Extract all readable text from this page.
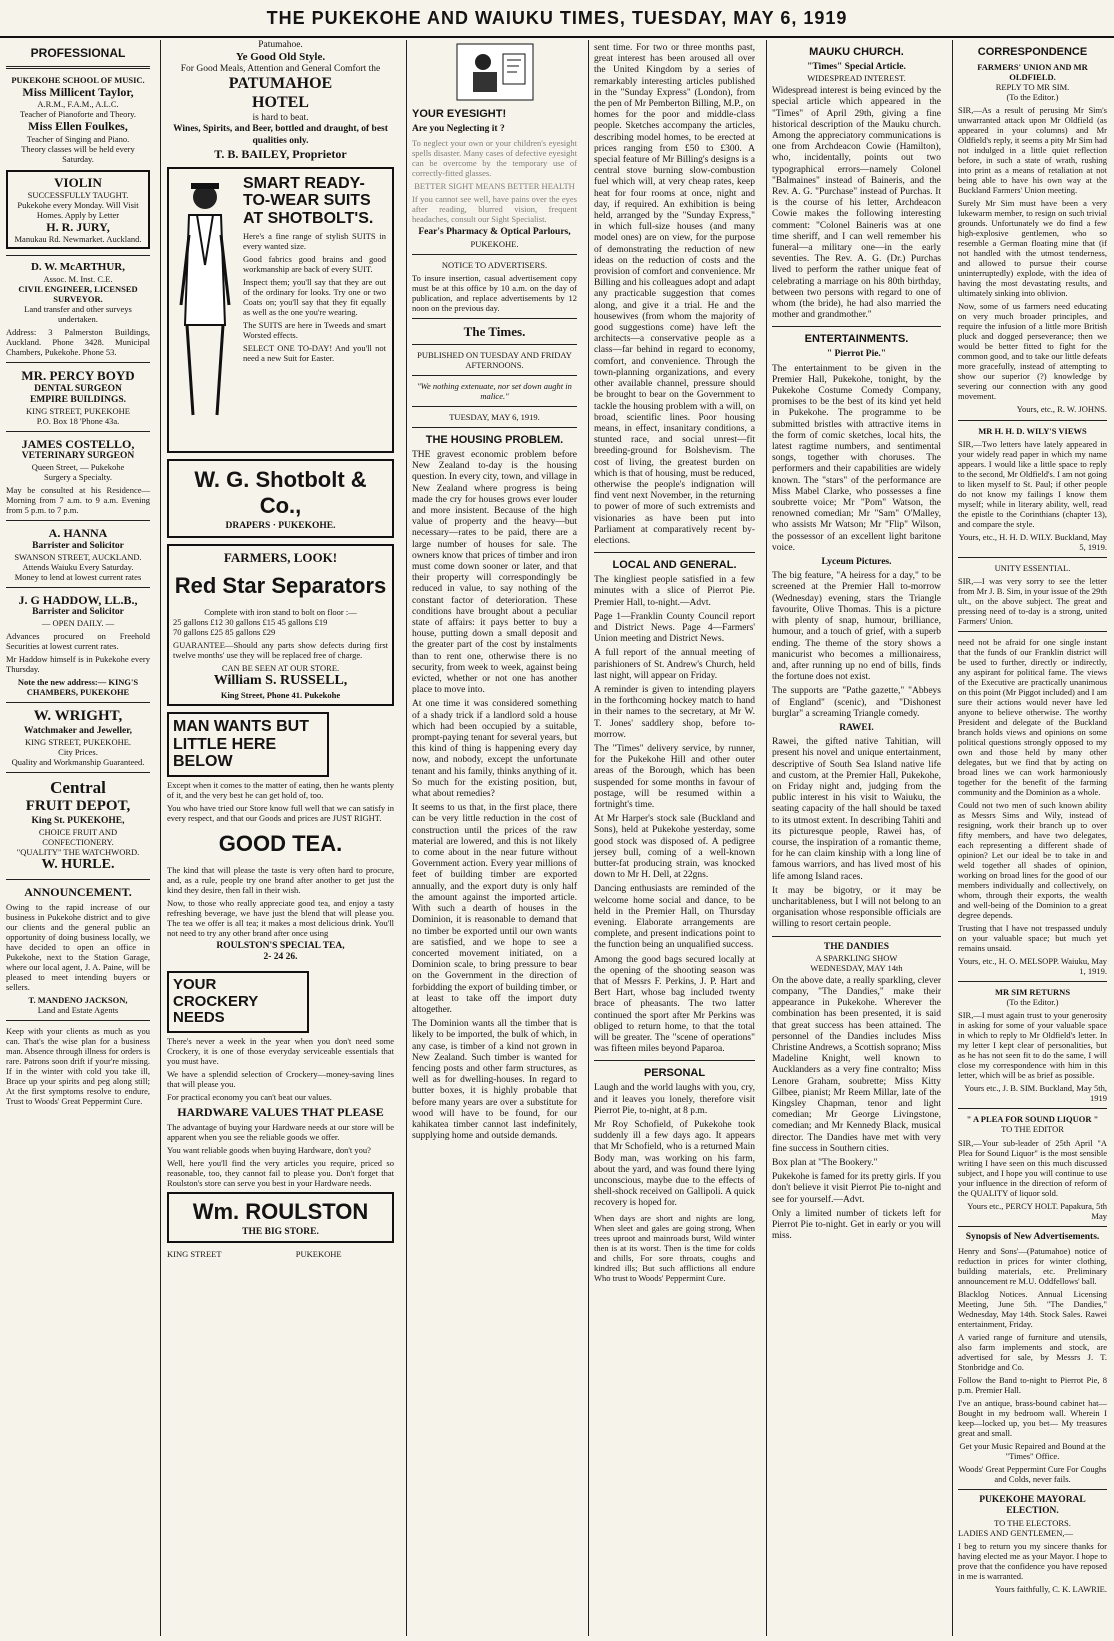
THE PUKEKOHE AND WAIUKU TIMES, TUESDAY, MAY 6, 1919
PROFESSIONAL
PUKEKOHE SCHOOL OF MUSIC.
Miss Millicent Taylor,
A.R.M., F.A.M., A.L.C.
Teacher of Pianoforte and Theory.
Miss Ellen Foulkes,
Teacher of Singing and Piano.
Theory classes will be held every Saturday.
VIOLIN
SUCCESSFULLY TAUGHT.
Pukekohe every Monday. Will Visit Homes. Apply by Letter
H. R. JURY,
Manukau Rd. Newmarket. Auckland.
D. W. McARTHUR,
Assoc. M. Inst. C.E.
CIVIL ENGINEER, LICENSED SURVEYOR.
Land transfer and other surveys undertaken.

Address: 3 Palmerston Buildings, Auckland. Phone 3428. Municipal Chambers, Pukekohe. Phone 53.

MR. PERCY BOYD
DENTAL SURGEON
EMPIRE BUILDINGS.
KING STREET, PUKEKOHE
P.O. Box 18 'Phone 43a.
JAMES COSTELLO,
VETERINARY SURGEON
Queen Street, — Pukekohe
Surgery a Specialty.

May be consulted at his Residence— Morning from 7 a.m. to 9 a.m. Evening from 5 p.m. to 7 p.m.

A. HANNA
Barrister and Solicitor
SWANSON STREET, AUCKLAND.
Attends Waiuku Every Saturday.
Money to lend at lowest current rates
J. G HADDOW, LL.B.,
Barrister and Solicitor
— OPEN DAILY. —

Advances procured on Freehold Securities at lowest current rates.

Mr Haddow himself is in Pukekohe every Thursday.

Note the new address:— KING'S CHAMBERS, PUKEKOHE
W. WRIGHT,
Watchmaker and Jeweller,
KING STREET, PUKEKOHE.
City Prices.
Quality and Workmanship Guaranteed.
Central
FRUIT DEPOT,
King St. PUKEKOHE,
CHOICE FRUIT AND CONFECTIONERY.
"QUALITY" THE WATCHWORD.
W. HURLE.
ANNOUNCEMENT.

Owing to the rapid increase of our business in Pukekohe district and to give our clients and the general public an opportunity of doing business locally, we have decided to open an office in Pukekohe, next to the Station Garage, where our local agent, J. A. Paine, will be pleased to meet intending buyers or sellers.

T. MANDENO JACKSON,
Land and Estate Agents

Keep with your clients as much as you can. That's the wise plan for a business man. Absence through illness for orders is rare. Patrons soon drift if your're missing. If in the winter with cold you take ill, Brace up your spirits and peg along still; At the first symptoms resolve to endure, Trust to Woods' Great Peppermint Cure.

Patumahoe.
Ye Good Old Style.
For Good Meals, Attention and General Comfort the
PATUMAHOE
HOTEL
is hard to beat.
Wines, Spirits, and Beer, bottled and draught, of best qualities only.
T. B. BAILEY, Proprietor
SMART READY-TO-WEAR SUITS AT SHOTBOLT'S.

Here's a fine range of stylish SUITS in every wanted size.

Good fabrics good brains and good workmanship are back of every SUIT.

Inspect them; you'll say that they are out of the ordinary for looks. Try one or two Coats on; you'll say that they fit equally as well as the one you're wearing.

The SUITS are here in Tweeds and smart Worsted effects.

SELECT ONE TO-DAY! And you'll not need a new Suit for Easter.

W. G. Shotbolt & Co.,
DRAPERS · PUKEKOHE.
FARMERS, LOOK!
Red Star Separators
Complete with iron stand to bolt on floor :—
25 gallons £12 30 gallons £15 45 gallons £19
70 gallons £25 85 gallons £29

GUARANTEE—Should any parts show defects during first twelve months' use they will be replaced free of charge.

CAN BE SEEN AT OUR STORE.
William S. RUSSELL,
King Street, Phone 41. Pukekohe
MAN WANTS BUT LITTLE HERE BELOW

Except when it comes to the matter of eating, then he wants plenty of it, and the very best he can get hold of, too.

You who have tried our Store know full well that we can satisfy in every respect, and that our Goods and prices are JUST RIGHT.

GOOD TEA.

The kind that will please the taste is very often hard to procure, and, as a rule, people try one brand after another to get just the kind they desire, then fall in their wish.

Now, to those who really appreciate good tea, and enjoy a tasty refreshing beverage, we have just the blend that will please you. The tea we offer is all tea; it makes a most delicious drink. You'll not need to try any other brand after once using

ROULSTON'S SPECIAL TEA,
2- 24 26.
YOUR CROCKERY NEEDS

There's never a week in the year when you don't need some Crockery, it is one of those everyday serviceable essentials that you must have.

We have a splendid selection of Crockery—money-saving lines that will please you.

For practical economy you can't beat our values.

HARDWARE VALUES THAT PLEASE

The advantage of buying your Hardware needs at our store will be apparent when you see the reliable goods we offer.

You want reliable goods when buying Hardware, don't you?

Well, here you'll find the very articles you require, priced so reasonable, too, they cannot fail to please you. Don't forget that Roulston's store can serve you best in your Hardware needs.

Wm. ROULSTON
THE BIG STORE.
KING STREET                                   PUKEKOHE
YOUR EYESIGHT!
Are you Neglecting it ?

To neglect your own or your children's eyesight spells disaster. Many cases of defective eyesight can be overcome by the temporary use of correctly-fitted glasses.

BETTER SIGHT MEANS BETTER HEALTH

If you cannot see well, have pains over the eyes after reading, blurred vision, frequent headaches, consult our Sight Specialist.

Fear's Pharmacy & Optical Parlours,
PUKEKOHE.
NOTICE TO ADVERTISERS.

To insure insertion, casual advertisement copy must be at this office by 10 a.m. on the day of publication, and replace advertisements by 12 noon on the previous day.

The Times.
PUBLISHED ON TUESDAY AND FRIDAY AFTERNOONS.
"We nothing extenuate, nor set down aught in malice."
TUESDAY, MAY 6, 1919.
THE HOUSING PROBLEM.

THE gravest economic problem before New Zealand to-day is the housing question. In every city, town, and village in New Zealand where progress is being made the cry for houses grows ever louder and more insistent. Because of the high value of property and the heavy—but necessary—rates to be paid, there are a large number of houses for sale. The owners know that prices of timber and iron must come down sooner or later, and that their property will correspondingly be reduced in value, to say nothing of the constant factor of deterioration. These conditions have brought about a peculiar state of affairs: it pays better to buy a house, putting down a small deposit and the greater part of the cost by instalments than to rent one, otherwise there is no security, from week to week, against being evicted, whether or not one has another place to move into.

At one time it was considered something of a shady trick if a landlord sold a house which had been occupied by a suitable, prompt-paying tenant for several years, but this kind of thing is happening every day now, and nobody, except the unfortunate tenant and his family, thinks anything of it. So much for the existing position, but, what about remedies?

It seems to us that, in the first place, there can be very little reduction in the cost of construction until the prices of the raw material are lowered, and this is not likely to come about in the near future without Government action. Every year millions of feet of building timber are exported annually, and the export duty is only half the amount against the imported article. With such a dearth of houses in the Dominion, it is reasonable to demand that no timber be exported until our own wants are satisfied, and we hope to see a concerted movement initiated, on a Dominion scale, to bring pressure to bear on the Government in the direction of forbidding the export of building timber, or at least to take off the import duty altogether.

The Dominion wants all the timber that is likely to be imported, the bulk of which, in any case, is timber of a kind not grown in New Zealand. Such timber is wanted for fencing posts and other farm structures, as well as for dwelling-houses. In regard to butter boxes, it is highly probable that before many years are over a substitute for wood will have to be found, for our kahikatea timber cannot last indefinitely, supplying home and outside demands.

sent time. For two or three months past, great interest has been aroused all over the United Kingdom by a series of remarkably interesting articles published in the "Sunday Express" (London), from the pen of Mr Pemberton Billing, M.P., on homes for the poor and middle-class people. Sketches accompany the articles, describing model homes, to be erected at prices ranging from £50 to £300. A special feature of Mr Billing's designs is a central stove burning slow-combustion fuel which will, at very cheap rates, keep heat for four rooms at once, night and day, if required. An exhibition is being held, arranged by the "Sunday Express," in which full-size houses (and many model ones) are on view, for the purpose of demonstrating the reduction of new ideas on the reduction of costs and the provision of comfort and convenience. Mr Billing and his colleagues adopt and adapt any practicable suggestion that comes along, and give it a trial. He and the housewives (from whom the majority of good suggestions come) have left the architects—a conservative people as a class—far behind in regard to economy, comfort, and convenience. Through the town-planning organizations, and every other available channel, pressure should be brought to bear on the Government to tackle the housing problem with a will, on broad, scientific lines. Poor housing means, in effect, insanitary conditions, a stunted race, and social unrest—fit breeding-ground for Bolshevism. The cost of living, the greatest burden on which is that of housing, must be reduced, otherwise the people's indignation will find vent next November, in the returning to power of more of such extremists and visionaries as have been put into Parliament at comparatively recent by-elections.

LOCAL AND GENERAL.

The kingliest people satisfied in a few minutes with a slice of Pierrot Pie. Premier Hall, to-night.—Advt.

Page 1—Franklin County Council report and District News. Page 4—Farmers' Union meeting and District News.

A full report of the annual meeting of parishioners of St. Andrew's Church, held last night, will appear on Friday.

A reminder is given to intending players in the forthcoming hockey match to hand in their names to the secretary, at Mr W. T. Jones' saddlery shop, before to-morrow.

The "Times" delivery service, by runner, for the Pukekohe Hill and other outer areas of the Borough, which has been suspended for some months in favour of postage, will be resumed within a fortnight's time.

At Mr Harper's stock sale (Buckland and Sons), held at Pukekohe yesterday, some good stock was disposed of. A pedigree jersey bull, coming of a well-known butter-fat producing strain, was knocked down to Mr H. Dell, at 22gns.

Dancing enthusiasts are reminded of the welcome home social and dance, to be held in the Premier Hall, on Thursday evening. Elaborate arrangements are complete, and present indications point to the function being an unqualified success.

Among the good bags secured locally at the opening of the shooting season was that of Messrs F. Perkins, J. P. Hart and Bert Hart, whose bag included twenty brace of pheasants. The two latter continued the sport after Mr Perkins was obliged to return home, to that the total will be greater. The "scene of operations" was fifteen miles beyond Paparoa.

PERSONAL

Laugh and the world laughs with you, cry, and it leaves you lonely, therefore visit Pierrot Pie, to-night, at 8 p.m.

Mr Roy Schofield, of Pukekohe took suddenly ill a few days ago. It appears that Mr Schofield, who is a returned Main Body man, was working on his farm, about the yard, and was found there lying unconscious, maybe due to the effects of shell-shock received on Gallipoli. A quick recovery is hoped for.

When days are short and nights are long, When sleet and gales are going strong, When trees uproot and mainroads burst, Wild winter then is at its worst. Then is the time for colds and chills, For sore throats, coughs and kindred ills; But such afflictions all endure Who trust to Woods' Peppermint Cure.

MAUKU CHURCH.
"Times" Special Article.
WIDESPREAD INTEREST.

Widespread interest is being evinced by the special article which appeared in the "Times" of April 29th, giving a fine historical description of the Mauku church. Among the appreciatory communications is one from Archdeacon Cowie (Hamilton), who, incidentally, points out two typographical errors—namely Colonel "Balmaines" instead of Baineris, and the Rev. A. G. "Purchase" instead of Purchas. It is the course of his letter, Archdeacon Cowie makes the following interesting comment: "Colonel Baineris was at one time sheriff, and I can well remember his funeral—a military one—in the early seventies. The Rev. A. G. (Dr.) Purchas lived to perform the rather unique feat of celebrating a marriage on his 80th birthday, between two persons with regard to one of whom (the bride), he had also married the mother and grandmother."

ENTERTAINMENTS.
" Pierrot Pie."

The entertainment to be given in the Premier Hall, Pukekohe, tonight, by the Pukekohe Costume Comedy Company, promises to be the best of its kind yet held in Pukekohe. The programme to be submitted bristles with attractive items in the form of comic sketches, local hits, the latest ragtime numbers, and sentimental songs, together with choruses. The performers and their capabilities are widely known. The "stars" of the performance are Miss Mabel Clarke, who possesses a fine soubrette voice; Mr "Pom" Watson, the renowned comedian; Mr "Sam" O'Malley, who assists Mr Watson; Mr "Flip" Wilson, the possessor of an excellent light baritone voice.

Lyceum Pictures.

The big feature, "A heiress for a day," to be screened at the Premier Hall to-morrow (Wednesday) evening, stars the Triangle favourite, Olive Thomas. This is a picture with plenty of snap, humour, brilliance, humour, and a touch of grief, with a superb ending. The theme of the story shows a manicurist who becomes a millionairess, and, after running up no end of bills, finds the fortune does not exist.

The supports are "Pathe gazette," "Abbeys of England" (scenic), and "Dishonest burglar" a screaming Triangle comedy.

RAWEI.

Rawei, the gifted native Tahitian, will present his novel and unique entertainment, descriptive of South Sea Island native life and custom, at the Premier Hall, Pukekohe, on Friday night and, judging from the public interest in his visit to Waiuku, the seating capacity of the hall should be taxed to its utmost extent. In describing Tahiti and its picturesque people, Rawei has, of course, the inspiration of a romantic theme, for he can claim kinship with a long line of famous warriors, and has lived most of his life among Island races.

It may be bigotry, or it may be uncharitableness, but I will not belong to an organisation whose responsible officials are willing to resort certain people.

THE DANDIES
A SPARKLING SHOW
WEDNESDAY, MAY 14th

On the above date, a really sparkling, clever company, "The Dandies," make their appearance in Pukekohe. Wherever the combination has been presented, it is said that great success has been attained. The personnel of the Dandies includes Miss Christine Andrews, a Scottish soprano; Miss Madeline Knight, well known to Aucklanders as a very fine contralto; Miss Lenore Graham, soubrette; Miss Kitty Gilbee, pianist; Mr Reem Millar, late of the Kingsley Chapman, tenor and light comedian; Mr George Livingstone, comedian; and Mr Kennedy Black, musical director. The Dandies have met with very fine success in Southern cities.

Box plan at "The Bookery."

Pukekohe is famed for its pretty girls. If you don't believe it visit Pierrot Pie to-night and see for yourself.—Advt.

Only a limited number of tickets left for Pierrot Pie to-night. Get in early or you will miss.

CORRESPONDENCE
FARMERS' UNION AND MR OLDFIELD.
REPLY TO MR SIM.
(To the Editor.)

SIR,—As a result of perusing Mr Sim's unwarranted attack upon Mr Oldfield (as appeared in your columns) and Mr Oldfield's reply, it seems a pity Mr Sim had not indulged in a little quiet reflection before, in such a state of wrath, rushing into print as a means of retaliation at not being able to have his own way at the Buckland Farmers' Union meeting.

Surely Mr Sim must have been a very lukewarm member, to resign on such trivial grounds. Unfortunately we do find a few high-explosive gentlemen, who so resemble a German floating mine that (if not handled with the utmost tenderness, and allowed to pursue their course uninterruptedly) explode, with the idea of having the most devastating results, and ultimately sinking into oblivion.

Now, some of us farmers need educating on very much broader principles, and require the infusion of a little more British pluck and dogged perseverance; then we would be better fitted to fight for the common good, and to take our little defeats more gracefully, instead of attempting to show our superior (?) knowledge by severing our connection with any good movement.

Yours, etc., R. W. JOHNS.
MR H. H. D. WILY'S VIEWS

SIR,—Two letters have lately appeared in your widely read paper in which my name appears. I would like a little space to reply to the second, Mr Oldfield's. I am not going to liken myself to St. Paul; if other people do not know my failings I know them myself; while in literary ability, well, read the epistle to the Corinthians (chapter 13), and compare the style.

Yours, etc., H. H. D. WILY. Buckland, May 5, 1919.
UNITY ESSENTIAL.

SIR,—I was very sorry to see the letter from Mr J. B. Sim, in your issue of the 29th ult., on the above subject. The great and pressing need of to-day is a strong, united Farmers' Union.

need not be afraid for one single instant that the funds of our Franklin district will be used to further, directly or indirectly, any aspirant for political fame. The views of the Executive are practically unanimous on this point (Mr Piggot included) and I am sure their actions would never have led anyone to believe otherwise. The worthy President and delegate of the Buckland branch holds views and opinions on some political questions strongly opposed to my own and those held by many other delegates, but we find that by acting on broad lines we can work harmoniously together for the benefit of the farming community and the Dominion as a whole.

Could not two men of such known ability as Messrs Sims and Wily, instead of resigning, work their branch up to over fifty members, and have two delegates, each representing a different shade of opinion? Let our ideal be to take in and weld together all shades of opinion, working on broad lines for the good of our members individually and collectively, on whom, through their exports, the wealth and well-being of the Dominion to a great degree depends.

Trusting that I have not trespassed unduly on your valuable space; but much yet remains unsaid.

Yours, etc., H. O. MELSOPP. Waiuku, May 1, 1919.
MR SIM RETURNS
(To the Editor.)

SIR,—I must again trust to your generosity in asking for some of your valuable space in which to reply to Mr Oldfield's letter. In my letter I kept clear of personalities, but as he has not seen fit to do the same, I will close my correspondence with him in this letter, which will be as brief as possible.

Yours etc., J. B. SIM. Buckland, May 5th, 1919
" A PLEA FOR SOUND LIQUOR "
TO THE EDITOR

SIR,—Your sub-leader of 25th April "A Plea for Sound Liquor" is the most sensible writing I have seen on this much discussed subject, and I hope you will continue to use your influence in the direction of reform of the QUALITY of liquor sold.

Yours etc., PERCY HOLT. Papakura, 5th May
Synopsis of New Advertisements.

Henry and Sons'—(Patumahoe) notice of reduction in prices for winter clothing, building materials, etc. Preliminary announcement re M.U. Oddfellows' ball.

Blacklog Notices. Annual Licensing Meeting, June 5th. "The Dandies," Wednesday, May 14th. Stock Sales. Rawei entertainment, Friday.

A varied range of furniture and utensils, also farm implements and stock, are advertised for sale, by Messrs J. T. Stonbridge and Co.

Follow the Band to-night to Pierrot Pie, 8 p.m. Premier Hall.

I've an antique, brass-bound cabinet hat— Bought in my bedroom wall. Wherein I keep—locked up, you bet— My treasures great and small.

Get your Music Repaired and Bound at the "Times" Office.

Woods' Great Peppermint Cure For Coughs and Colds, never fails.

PUKEKOHE MAYORAL ELECTION.
TO THE ELECTORS.
LADIES AND GENTLEMEN,—

I beg to return you my sincere thanks for having elected me as your Mayor. I hope to prove that the confidence you have reposed in me is warranted.

Yours faithfully, C. K. LAWRIE.
